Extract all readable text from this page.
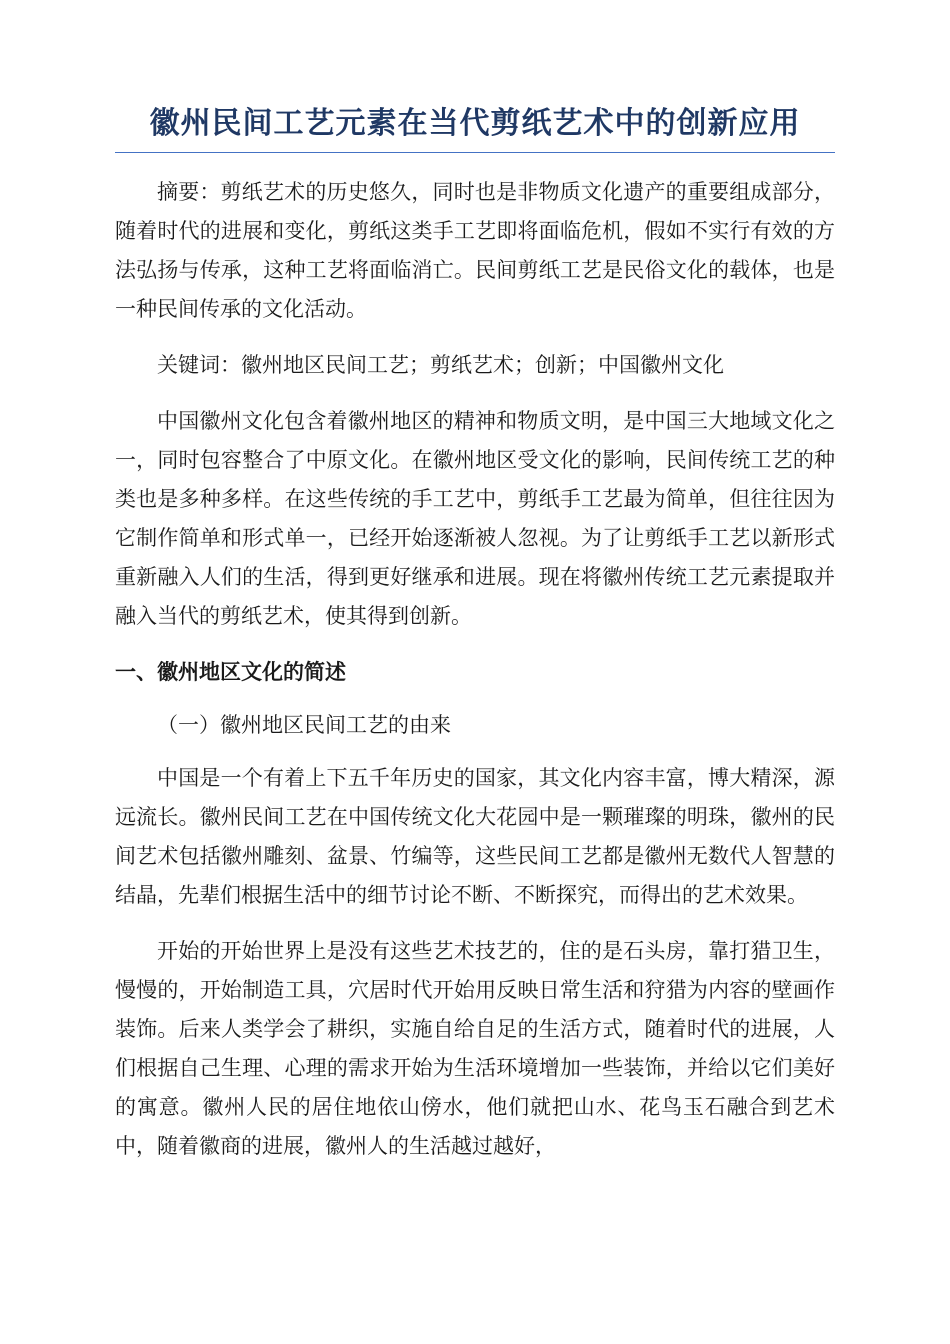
徽州民间工艺元素在当代剪纸艺术中的创新应用

摘要：剪纸艺术的历史悠久，同时也是非物质文化遗产的重要组成部分，随着时代的进展和变化，剪纸这类手工艺即将面临危机，假如不实行有效的方法弘扬与传承，这种工艺将面临消亡。民间剪纸工艺是民俗文化的载体，也是一种民间传承的文化活动。

关键词：徽州地区民间工艺；剪纸艺术；创新；中国徽州文化

中国徽州文化包含着徽州地区的精神和物质文明，是中国三大地域文化之一，同时包容整合了中原文化。在徽州地区受文化的影响，民间传统工艺的种类也是多种多样。在这些传统的手工艺中，剪纸手工艺最为简单，但往往因为它制作简单和形式单一，已经开始逐渐被人忽视。为了让剪纸手工艺以新形式重新融入人们的生活，得到更好继承和进展。现在将徽州传统工艺元素提取并融入当代的剪纸艺术，使其得到创新。

一、徽州地区文化的简述
（一）徽州地区民间工艺的由来

中国是一个有着上下五千年历史的国家，其文化内容丰富，博大精深，源远流长。徽州民间工艺在中国传统文化大花园中是一颗璀璨的明珠，徽州的民间艺术包括徽州雕刻、盆景、竹编等，这些民间工艺都是徽州无数代人智慧的结晶，先辈们根据生活中的细节讨论不断、不断探究，而得出的艺术效果。

开始的开始世界上是没有这些艺术技艺的，住的是石头房，靠打猎卫生，慢慢的，开始制造工具，穴居时代开始用反映日常生活和狩猎为内容的壁画作装饰。后来人类学会了耕织，实施自给自足的生活方式，随着时代的进展，人们根据自己生理、心理的需求开始为生活环境增加一些装饰，并给以它们美好的寓意。徽州人民的居住地依山傍水，他们就把山水、花鸟玉石融合到艺术中，随着徽商的进展，徽州人的生活越过越好，
